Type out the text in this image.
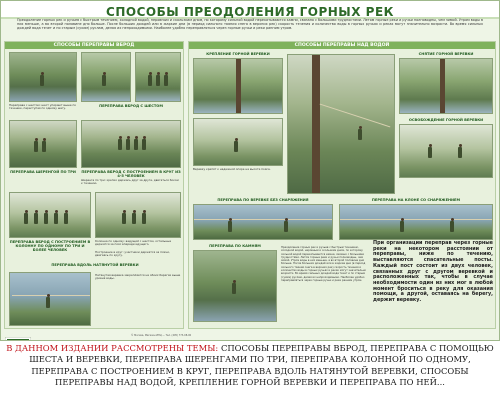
СПОСОБЫ ПРЕОДОЛЕНИЯ ГОРНЫХ РЕК
Преодоление горных рек и ручьев с быстрым течением, холодной водой, неровным и скользким дном, по которому сильной водой перекатываются камни, связано с большими трудностями. Летом горные реки и ручьи полноводны, чем зимой. Утром воды в них меньше, а во второй половине дня больше. После больших дождей или в жаркие дни (в период сильного таяния снега в верхних рек) скорость течения и количество воды в горных ручьях и реках могут значительно возрасти. Во время сильных дождей вода течет и по старым (сухим) руслам, делая их непроходимыми. Наиболее удобно переправляться через горные ручьи и реки ранним утром.
СПОСОБЫ ПЕРЕПРАВЫ ВБРОД
ПЕРЕПРАВА ВБРОД С ШЕСТОМ
Переправа с шестом: шест упирают выше по течению, переступая по одному шагу.
ПЕРЕПРАВА ШЕРЕНГОЙ ПО ТРИ	ПЕРЕПРАВА ВБРОД С ПОСТРОЕНИЕМ В КРУГ ИЗ 4-5 ЧЕЛОВЕК
Шеренга по три: крепко держась друг за друга, двигаться боком к течению.
ПЕРЕПРАВА ВБРОД С ПОСТРОЕНИЕМ В КОЛОННУ ПО ОДНОМУ ПО ТРИ И БОЛЕЕ ЧЕЛОВЕК
Колонна по одному: ведущий с шестом, остальные держатся за пояс впереди идущего.
Построение в круг: участники держатся за плечи, двигаясь по кругу.
ПЕРЕПРАВА ВДОЛЬ НАТЯНУТОЙ ВЕРЕВКИ
Натянутая веревка закрепляется на обоих берегах выше уровня воды.
СПОСОБЫ ПЕРЕПРАВЫ НАД ВОДОЙ
КРЕПЛЕНИЕ ГОРНОЙ ВЕРЕВКИ	СНЯТИЕ ГОРНОЙ ВЕРЕВКИ
Веревку крепят к надежной опоре на высоте пояса.
ОСВОБОЖДЕНИЕ ГОРНОЙ ВЕРЕВКИ
ПЕРЕПРАВА ПО ВЕРЕВКЕ БЕЗ СНАРЯЖЕНИЯ	ПЕРЕПРАВА НА КЛОНЕ СО СНАРЯЖЕНИЕМ
ПЕРЕПРАВА ПО КАМНЯМ	Преодоление горных рек и ручьев с быстрым течением, холодной водой, неровным и скользким дном, по которому сильной водой перекатываются камни, связано с большими трудностями. Летом горные реки и ручьи полноводны, чем зимой. Утром воды в них меньше, а во второй половине дня больше. После больших дождей или в жаркие дни (в период сильного таяния снега в верхних рек) скорость течения и количество воды в горных ручьях и реках могут значительно возрасти. Во время сильных дождей вода течет и по старым (сухим) руслам, делая их непроходимыми. Наиболее удобно переправляться через горные ручьи и реки ранним утром.
При организации переправ через горные реки на некотором расстоянии от переправы, ниже по течению, выставляются спасательные посты. Каждый пост состоит из двух человек, связанных друг с другом веревкой и расположенных так, чтобы в случае необходимости один из них мог в любой момент броситься в реку для оказания помощи, а другой, оставаясь на берегу, держит веревку.
© Москва, Магазин ИПЦ — Тел. (495) 773-08-00
В ДАННОМ ИЗДАНИИ РАССМОТРЕНЫ ТЕМЫ: СПОСОБЫ ПЕРЕПРАВЫ ВБРОД, ПЕРЕПРАВА С ПОМОЩЬЮ ШЕСТА И ВЕРЕВКИ, ПЕРЕПРАВА ШЕРЕНГАМИ ПО ТРИ, ПЕРЕПРАВА КОЛОННОЙ ПО ОДНОМУ, ПЕРЕПРАВА С ПОСТРОЕНИЕМ В КРУГ, ПЕРЕПРАВА ВДОЛЬ НАТЯНУТОЙ ВЕРЕВКИ, СПОСОБЫ ПЕРЕПРАВЫ НАД ВОДОЙ, КРЕПЛЕНИЕ ГОРНОЙ ВЕРЕВКИ И ПЕРЕПРАВА ПО НЕЙ...
